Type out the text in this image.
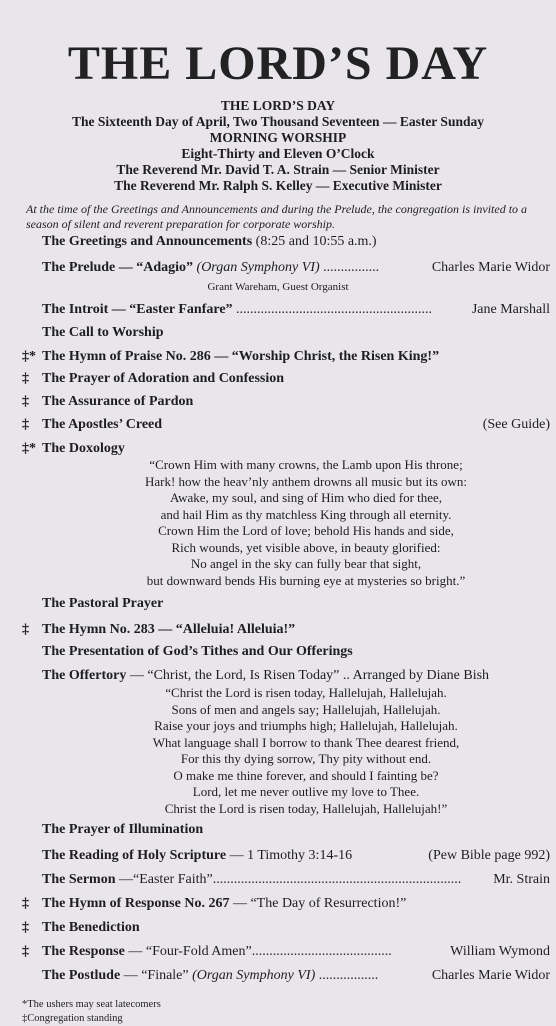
THE LORD’S DAY
THE LORD’S DAY
The Sixteenth Day of April, Two Thousand Seventeen — Easter Sunday
MORNING WORSHIP
Eight-Thirty and Eleven O’Clock
The Reverend Mr. David T. A. Strain — Senior Minister
The Reverend Mr. Ralph S. Kelley — Executive Minister
At the time of the Greetings and Announcements and during the Prelude, the congregation is invited to a season of silent and reverent preparation for corporate worship.
The Greetings and Announcements (8:25 and 10:55 a.m.)
The Prelude — “Adagio” (Organ Symphony VI) ................	Charles Marie Widor
Grant Wareham, Guest Organist
The Introit — “Easter Fanfare” ........................................................	Jane Marshall
The Call to Worship
‡* The Hymn of Praise No. 286 — “Worship Christ, the Risen King!”
‡ The Prayer of Adoration and Confession
‡ The Assurance of Pardon
‡ The Apostles’ Creed	(See Guide)
‡* The Doxology
“Crown Him with many crowns, the Lamb upon His throne;
Hark! how the heav’nly anthem drowns all music but its own:
Awake, my soul, and sing of Him who died for thee,
and hail Him as thy matchless King through all eternity.
Crown Him the Lord of love; behold His hands and side,
Rich wounds, yet visible above, in beauty glorified:
No angel in the sky can fully bear that sight,
but downward bends His burning eye at mysteries so bright.”
The Pastoral Prayer
‡ The Hymn No. 283 — “Alleluia! Alleluia!”
The Presentation of God’s Tithes and Our Offerings
The Offertory — “Christ, the Lord, Is Risen Today” .. Arranged by Diane Bish
“Christ the Lord is risen today, Hallelujah, Hallelujah.
Sons of men and angels say; Hallelujah, Hallelujah.
Raise your joys and triumphs high; Hallelujah, Hallelujah.
What language shall I borrow to thank Thee dearest friend,
For this thy dying sorrow, Thy pity without end.
O make me thine forever, and should I fainting be?
Lord, let me never outlive my love to Thee.
Christ the Lord is risen today, Hallelujah, Hallelujah!”
The Prayer of Illumination
The Reading of Holy Scripture — 1 Timothy 3:14-16	(Pew Bible page 992)
The Sermon —“Easter Faith”....................................................................... Mr. Strain
‡ The Hymn of Response No. 267 — “The Day of Resurrection!”
‡ The Benediction
‡ The Response — “Four-Fold Amen”........................................	William Wymond
The Postlude — “Finale” (Organ Symphony VI) .................	Charles Marie Widor
*The ushers may seat latecomers
‡Congregation standing
